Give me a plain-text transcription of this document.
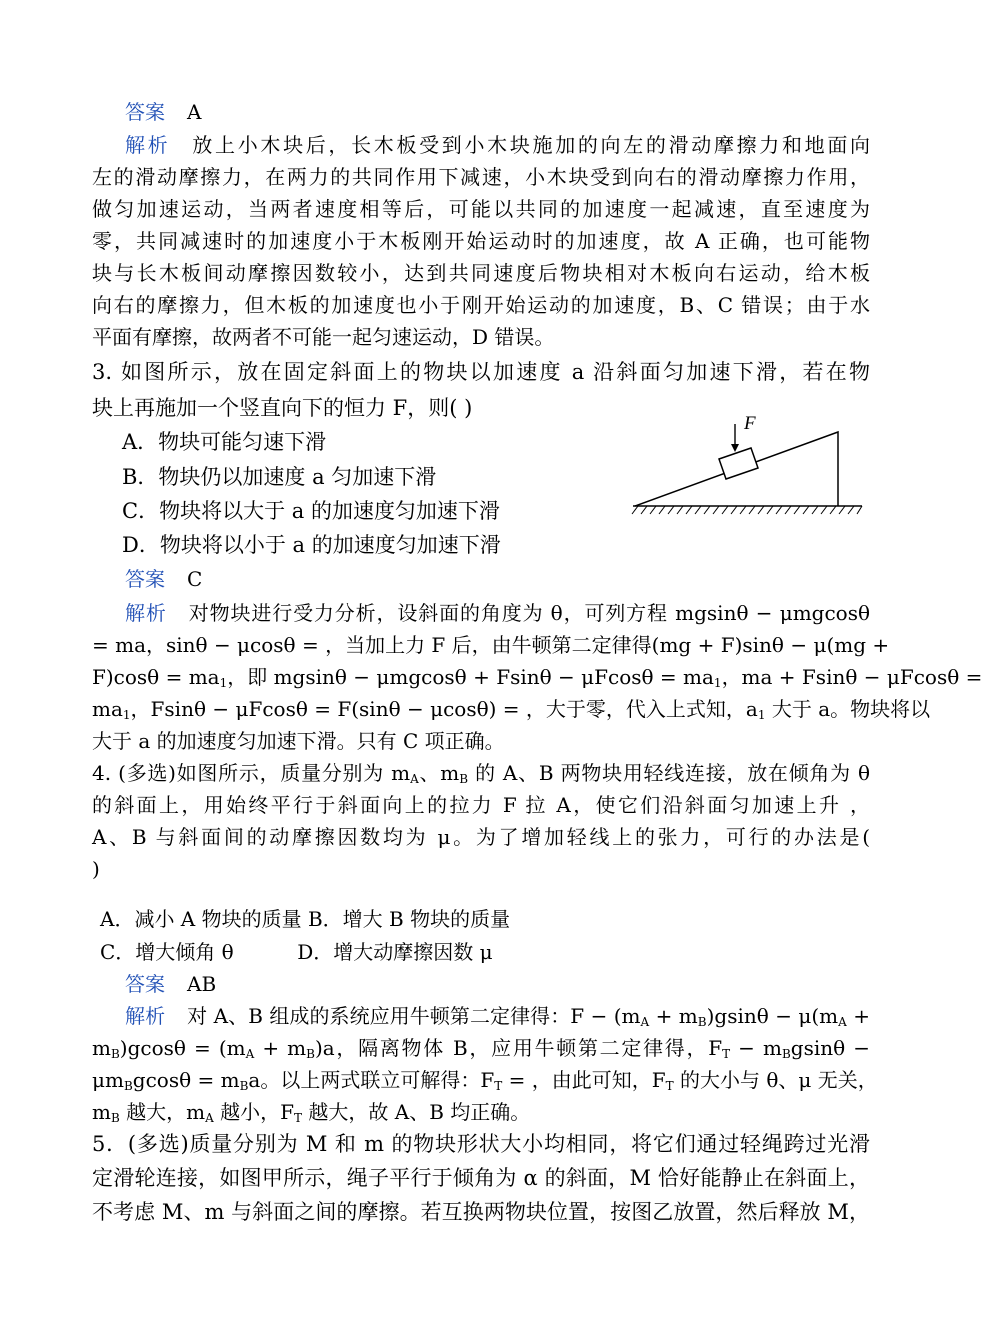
答案 A
解析 放上小木块后，长木板受到小木块施加的向左的滑动摩擦力和地面向
左的滑动摩擦力，在两力的共同作用下减速，小木块受到向右的滑动摩擦力作用，
做匀加速运动，当两者速度相等后，可能以共同的加速度一起减速，直至速度为
零，共同减速时的加速度小于木板刚开始运动时的加速度，故 A 正确，也可能物
块与长木板间动摩擦因数较小，达到共同速度后物块相对木板向右运动，给木板
向右的摩擦力，但木板的加速度也小于刚开始运动的加速度，B、C 错误；由于水
平面有摩擦，故两者不可能一起匀速运动，D 错误。
3. 如图所示，放在固定斜面上的物块以加速度 a 沿斜面匀加速下滑，若在物
块上再施加一个竖直向下的恒力 F，则( )
A．物块可能匀速下滑
B．物块仍以加速度 a 匀加速下滑
C．物块将以大于 a 的加速度匀加速下滑
D．物块将以小于 a 的加速度匀加速下滑
F
答案 C
解析 对物块进行受力分析，设斜面的角度为 θ，可列方程 mgsinθ − μmgcosθ
= ma，sinθ − μcosθ = ，当加上力 F 后，由牛顿第二定律得(mg + F)sinθ − μ(mg +
$F)\cos\theta = ma_1$，即 $mgsin\theta - \mu mgcos\theta + Fsin\theta - \mu Fcos\theta = ma_1$，ma + Fsinθ − μFcosθ =
$ma_1$，Fsinθ − μFcosθ = F(sinθ − μcosθ) = ，大于零，代入上式知，$a_1$ 大于 a。物块将以
大于 a 的加速度匀加速下滑。只有 C 项正确。
4. (多选)如图所示，质量分别为 $m_A$、$m_B$ 的 A、B 两物块用轻线连接，放在倾角为 θ
的斜面上，用始终平行于斜面向上的拉力 F 拉 A，使它们沿斜面匀加速上升 ，
A、B 与斜面间的动摩擦因数均为 μ。为了增加轻线上的张力，可行的办法是(
)
A．减小 A 物块的质量 B．增大 B 物块的质量
C．增大倾角 θ          D．增大动摩擦因数 μ
答案 AB
解析 对 A、B 组成的系统应用牛顿第二定律得：$F - (m_A + m_B)gsin\theta - \mu(m_A$ +
$m_B)gcos\theta = (m_A + m_B)a$，隔离物体 B，应用牛顿第二定律得，$F_T - m_Bgsin\theta$ −
$\mu m_Bgcos\theta = m_Ba$。以上两式联立可解得：$F_T$ = ，由此可知，$F_T$ 的大小与 θ、μ 无关，
$m_B$ 越大，$m_A$ 越小，$F_T$ 越大，故 A、B 均正确。
5．(多选)质量分别为 M 和 m 的物块形状大小均相同，将它们通过轻绳跨过光滑
定滑轮连接，如图甲所示，绳子平行于倾角为 α 的斜面，M 恰好能静止在斜面上，
不考虑 M、m 与斜面之间的摩擦。若互换两物块位置，按图乙放置，然后释放 M，
